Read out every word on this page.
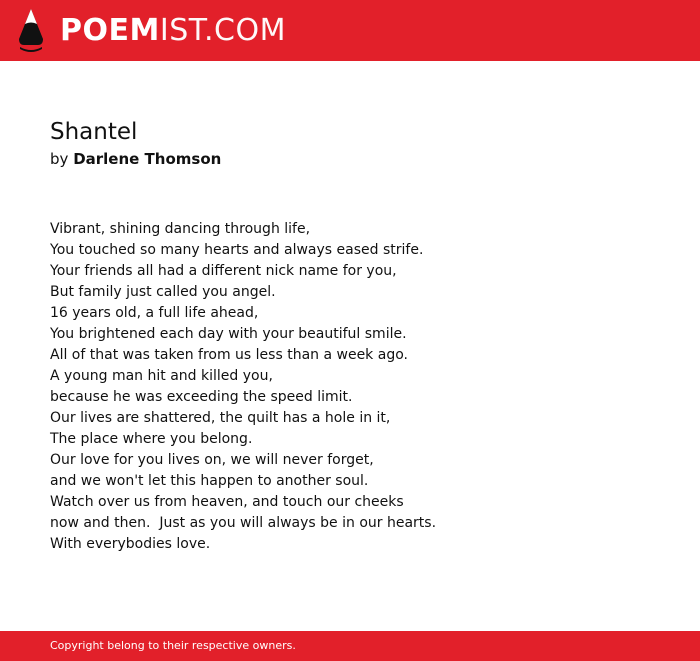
POEMIST.COM
Shantel
by Darlene Thomson
Vibrant, shining dancing through life,
You touched so many hearts and always eased strife.
Your friends all had a different nick name for you,
But family just called you angel.
16 years old, a full life ahead,
You brightened each day with your beautiful smile.
All of that was taken from us less than a week ago.
A young man hit and killed you,
because he was exceeding the speed limit.
Our lives are shattered, the quilt has a hole in it,
The place where you belong.
Our love for you lives on, we will never forget,
and we won't let this happen to another soul.
Watch over us from heaven, and touch our cheeks
now and then.  Just as you will always be in our hearts.
With everybodies love.
Copyright belong to their respective owners.
